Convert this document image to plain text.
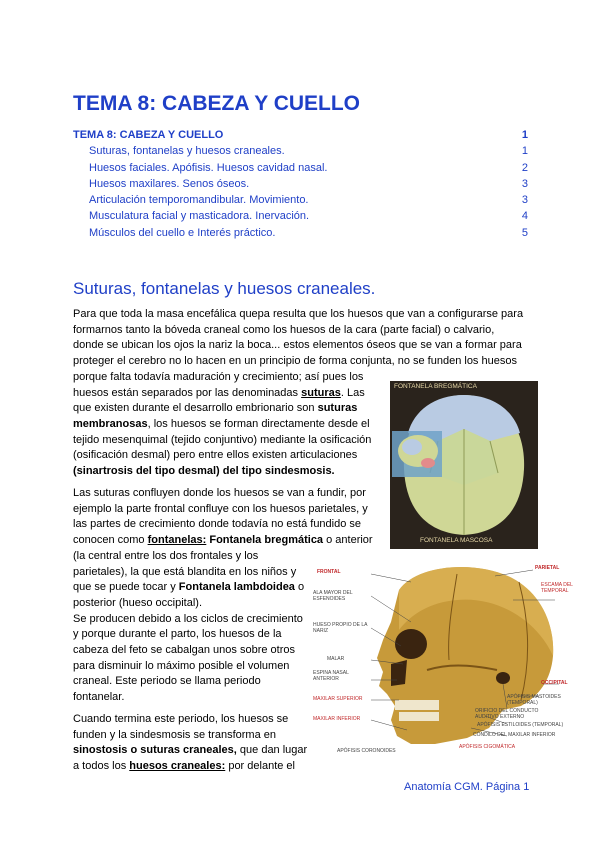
TEMA 8: CABEZA Y CUELLO
TEMA 8: CABEZA Y CUELLO	1
Suturas, fontanelas y huesos craneales.	1
Huesos faciales. Apófisis. Huesos cavidad nasal.	2
Huesos maxilares. Senos óseos.	3
Articulación temporomandibular. Movimiento.	3
Musculatura facial y masticadora. Inervación.	4
Músculos del cuello e Interés práctico.	5
Suturas, fontanelas y huesos craneales.
Para que toda la masa encefálica quepa resulta que los huesos que van a configurarse para
formarnos tanto la bóveda craneal como los huesos de la cara (parte facial) o calvario,
donde se ubican los ojos la nariz la boca... estos elementos óseos que se van a formar para
proteger el cerebro no lo hacen en un principio de forma conjunta, no se funden los huesos
porque falta todavía maduración y crecimiento; así pues los
huesos están separados por las denominadas suturas. Las
que existen durante el desarrollo embrionario son suturas
membranosas, los huesos se forman directamente desde el
tejido mesenquimal (tejido conjuntivo) mediante la osificación
(osificación desmal) pero entre ellos existen articulaciones
(sinartrosis del tipo desmal) del tipo sindesmosis.
Las suturas confluyen donde los huesos se van a fundir, por
ejemplo la parte frontal confluye con los huesos parietales, y
las partes de crecimiento donde todavía no está fundido se
conocen como fontanelas: Fontanela bregmática o anterior
(la central entre los dos frontales y los
parietales), la que está blandita en los niños y
que se puede tocar y Fontanela lambdoidea o
posterior (hueso occipital).
Se producen debido a los ciclos de crecimiento
y porque durante el parto, los huesos de la
cabeza del feto se cabalgan unos sobre otros
para disminuir lo máximo posible el volumen
craneal. Este periodo se llama periodo
fontanelar.
Cuando termina este periodo, los huesos se
funden y la sindesmosis se transforma en
sinostosis o suturas craneales, que dan lugar
a todos los huesos craneales: por delante el
FONTANELA BREGMÁTICA
FONTANELA MASCOSA
FRONTAL
ALA MAYOR DEL ESFENOIDES
HUESO PROPIO DE LA NARIZ
MALAR
ESPINA NASAL ANTERIOR
MAXILAR SUPERIOR
MAXILAR INFERIOR
APÓFISIS CORONOIDES
PARIETAL
ESCAMA DEL TEMPORAL
OCCIPITAL
APÓFISIS MASTOIDES (TEMPORAL)
ORIFICIO DEL CONDUCTO AUDITIVO EXTERNO
APÓFISIS ESTILOIDES (TEMPORAL)
CÓNDILO DEL MAXILAR INFERIOR
APÓFISIS CIGOMÁTICA
Anatomía CGM. Página 1
